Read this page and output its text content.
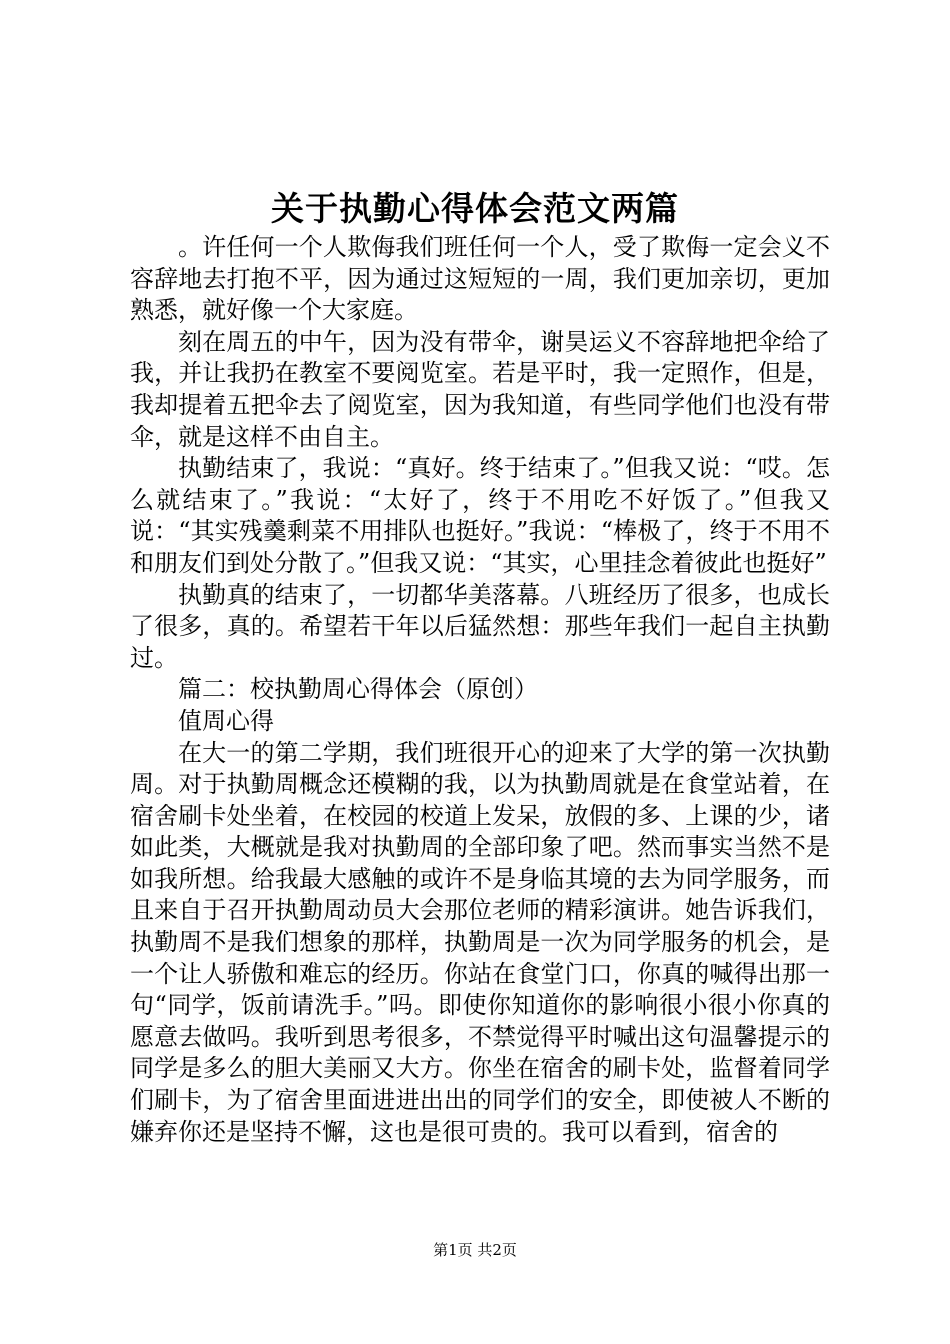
关于执勤心得体会范文两篇

。许任何一个人欺侮我们班任何一个人，受了欺侮一定会义不容辞地去打抱不平，因为通过这短短的一周，我们更加亲切，更加熟悉，就好像一个大家庭。

刻在周五的中午，因为没有带伞，谢昊运义不容辞地把伞给了我，并让我扔在教室不要阅览室。若是平时，我一定照作，但是，我却提着五把伞去了阅览室，因为我知道，有些同学他们也没有带伞，就是这样不由自主。

执勤结束了，我说：“真好。终于结束了。”但我又说：“哎。怎么就结束了。”我说：“太好了，终于不用吃不好饭了。”但我又说：“其实残羹剩菜不用排队也挺好。”我说：“棒极了，终于不用不和朋友们到处分散了。”但我又说：“其实，心里挂念着彼此也挺好”

执勤真的结束了，一切都华美落幕。八班经历了很多，也成长了很多，真的。希望若干年以后猛然想：那些年我们一起自主执勤过。

篇二：校执勤周心得体会（原创）

值周心得

在大一的第二学期，我们班很开心的迎来了大学的第一次执勤周。对于执勤周概念还模糊的我，以为执勤周就是在食堂站着，在宿舍刷卡处坐着，在校园的校道上发呆，放假的多、上课的少，诸如此类，大概就是我对执勤周的全部印象了吧。然而事实当然不是如我所想。给我最大感触的或许不是身临其境的去为同学服务，而且来自于召开执勤周动员大会那位老师的精彩演讲。她告诉我们，执勤周不是我们想象的那样，执勤周是一次为同学服务的机会，是一个让人骄傲和难忘的经历。你站在食堂门口，你真的喊得出那一句“同学，饭前请洗手。”吗。即使你知道你的影响很小很小你真的愿意去做吗。我听到思考很多，不禁觉得平时喊出这句温馨提示的同学是多么的胆大美丽又大方。你坐在宿舍的刷卡处，监督着同学们刷卡，为了宿舍里面进进出出的同学们的安全，即使被人不断的嫌弃你还是坚持不懈，这也是很可贵的。我可以看到，宿舍的

第1页 共2页
